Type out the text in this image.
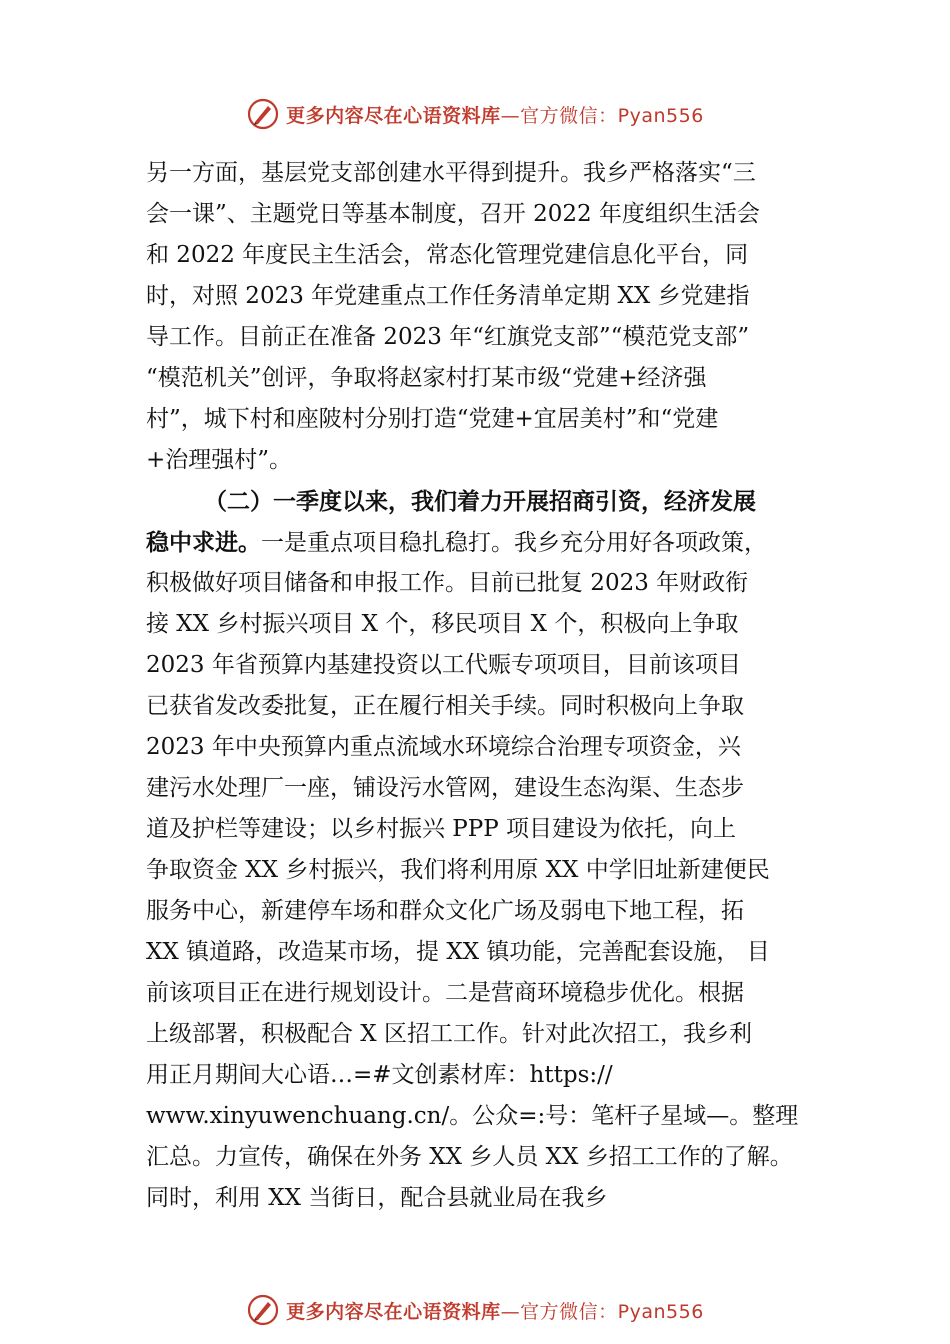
更多内容尽在心语资料库—官方微信：Pyan556
另一方面，基层党支部创建水平得到提升。我乡严格落实“三
会一课”、主题党日等基本制度，召开 2022 年度组织生活会
和 2022 年度民主生活会，常态化管理党建信息化平台，同
时，对照 2023 年党建重点工作任务清单定期 XX 乡党建指
导工作。目前正在准备 2023 年“红旗党支部”“模范党支部”
“模范机关”创评，争取将赵家村打某市级“党建+经济强
村”，城下村和座陂村分别打造“党建+宜居美村”和“党建
+治理强村”。
（二）一季度以来，我们着力开展招商引资，经济发展
稳中求进。一是重点项目稳扎稳打。我乡充分用好各项政策，
积极做好项目储备和申报工作。目前已批复 2023 年财政衔
接 XX 乡村振兴项目 X 个，移民项目 X 个，积极向上争取
2023 年省预算内基建投资以工代赈专项项目，目前该项目
已获省发改委批复，正在履行相关手续。同时积极向上争取
2023 年中央预算内重点流域水环境综合治理专项资金，兴
建污水处理厂一座，铺设污水管网，建设生态沟渠、生态步
道及护栏等建设；以乡村振兴 PPP 项目建设为依托，向上
争取资金 XX 乡村振兴，我们将利用原 XX 中学旧址新建便民
服务中心，新建停车场和群众文化广场及弱电下地工程，拓
XX 镇道路，改造某市场，提 XX 镇功能，完善配套设施， 目
前该项目正在进行规划设计。二是营商环境稳步优化。根据
上级部署，积极配合 X 区招工工作。针对此次招工，我乡利
用正月期间大心语…=#文创素材库：https://
www.xinyuwenchuang.cn/。公众=:号：笔杆子星域—。整理
汇总。力宣传，确保在外务 XX 乡人员 XX 乡招工工作的了解。
同时，利用 XX 当街日，配合县就业局在我乡
更多内容尽在心语资料库—官方微信：Pyan556
